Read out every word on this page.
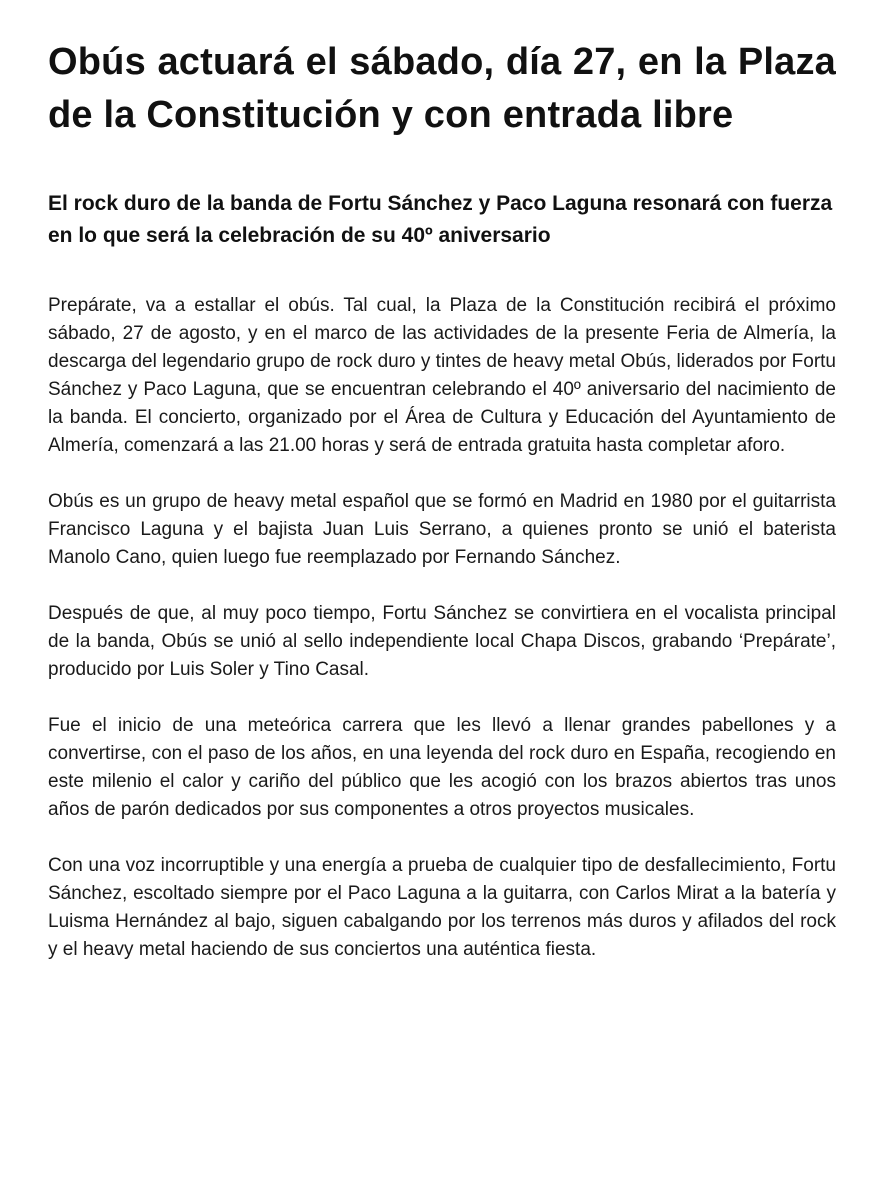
Obús actuará el sábado, día 27, en la Plaza de la Constitución y con entrada libre
El rock duro de la banda de Fortu Sánchez y Paco Laguna resonará con fuerza en lo que será la celebración de su 40º aniversario

Prepárate, va a estallar el obús. Tal cual, la Plaza de la Constitución recibirá el próximo sábado, 27 de agosto, y en el marco de las actividades de la presente Feria de Almería, la descarga del legendario grupo de rock duro y tintes de heavy metal Obús, liderados por Fortu Sánchez y Paco Laguna, que se encuentran celebrando el 40º aniversario del nacimiento de la banda. El concierto, organizado por el Área de Cultura y Educación del Ayuntamiento de Almería, comenzará a las 21.00 horas y será de entrada gratuita hasta completar aforo.

Obús es un grupo de heavy metal español que se formó en Madrid en 1980 por el guitarrista Francisco Laguna y el bajista Juan Luis Serrano, a quienes pronto se unió el baterista Manolo Cano, quien luego fue reemplazado por Fernando Sánchez.

Después de que, al muy poco tiempo, Fortu Sánchez se convirtiera en el vocalista principal de la banda, Obús se unió al sello independiente local Chapa Discos, grabando ‘Prepárate’, producido por Luis Soler y Tino Casal.

Fue el inicio de una meteórica carrera que les llevó a llenar grandes pabellones y a convertirse, con el paso de los años, en una leyenda del rock duro en España, recogiendo en este milenio el calor y cariño del público que les acogió con los brazos abiertos tras unos años de parón dedicados por sus componentes a otros proyectos musicales.

Con una voz incorruptible y una energía a prueba de cualquier tipo de desfallecimiento, Fortu Sánchez, escoltado siempre por el Paco Laguna a la guitarra, con Carlos Mirat a la batería y Luisma Hernández al bajo, siguen cabalgando por los terrenos más duros y afilados del rock y el heavy metal haciendo de sus conciertos una auténtica fiesta.
